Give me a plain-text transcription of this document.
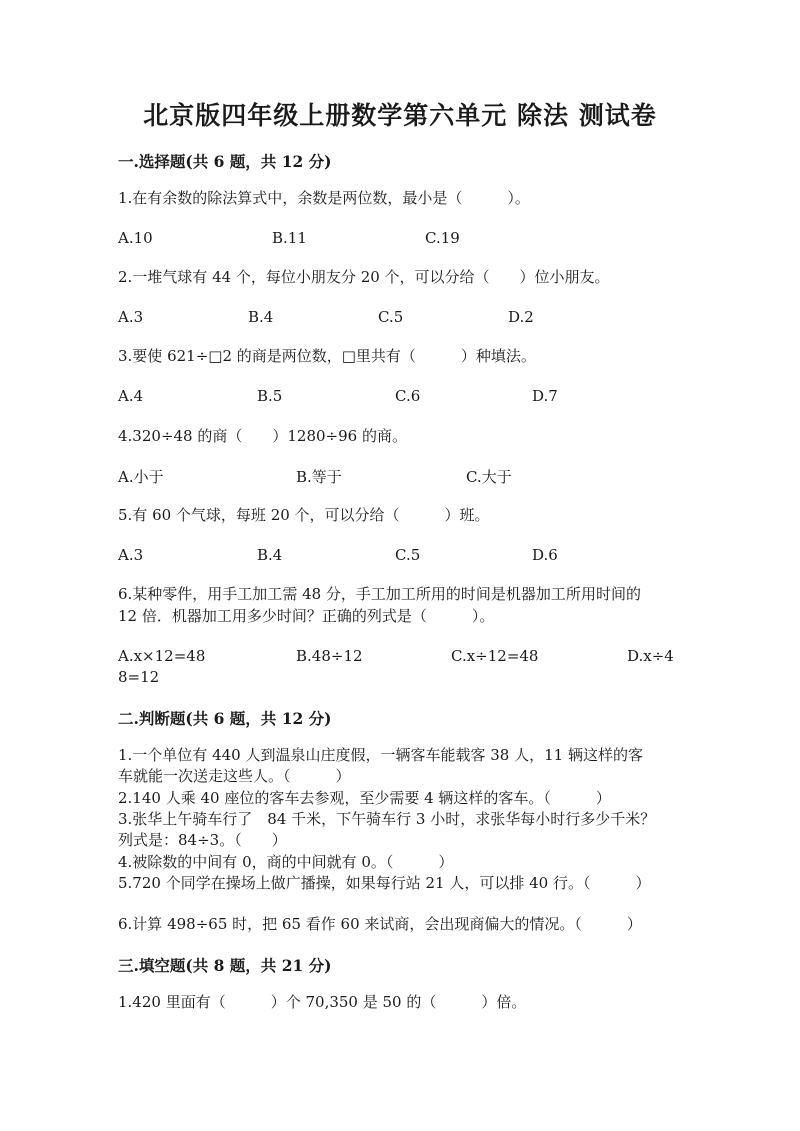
北京版四年级上册数学第六单元 除法 测试卷
一.选择题(共 6 题，共 12 分)
1.在有余数的除法算式中，余数是两位数，最小是（　　　）。
A.10	B.11	C.19
2.一堆气球有 44 个，每位小朋友分 20 个，可以分给（　　）位小朋友。
A.3	B.4	C.5	D.2
3.要使 621÷□2 的商是两位数，□里共有（　　　）种填法。
A.4	B.5	C.6	D.7
4.320÷48 的商（　　）1280÷96 的商。
A.小于	B.等于	C.大于
5.有 60 个气球，每班 20 个，可以分给（　　　）班。
A.3	B.4	C.5	D.6
6.某种零件，用手工加工需 48 分，手工加工所用的时间是机器加工所用时间的
12 倍．机器加工用多少时间？正确的列式是（　　　）。
A.x×12=48	B.48÷12	C.x÷12=48	D.x÷4
8=12
二.判断题(共 6 题，共 12 分)
1.一个单位有 440 人到温泉山庄度假，一辆客车能载客 38 人，11 辆这样的客
车就能一次送走这些人。（　　　）
2.140 人乘 40 座位的客车去参观，至少需要 4 辆这样的客车。（　　　）
3.张华上午骑车行了　84 千米，下午骑车行 3 小时，求张华每小时行多少千米？
列式是：84÷3。（　　）
4.被除数的中间有 0，商的中间就有 0。（　　　）
5.720 个同学在操场上做广播操，如果每行站 21 人，可以排 40 行。（　　　）
6.计算 498÷65 时，把 65 看作 60 来试商，会出现商偏大的情况。（　　　）
三.填空题(共 8 题，共 21 分)
1.420 里面有（　　　）个 70,350 是 50 的（　　　）倍。
